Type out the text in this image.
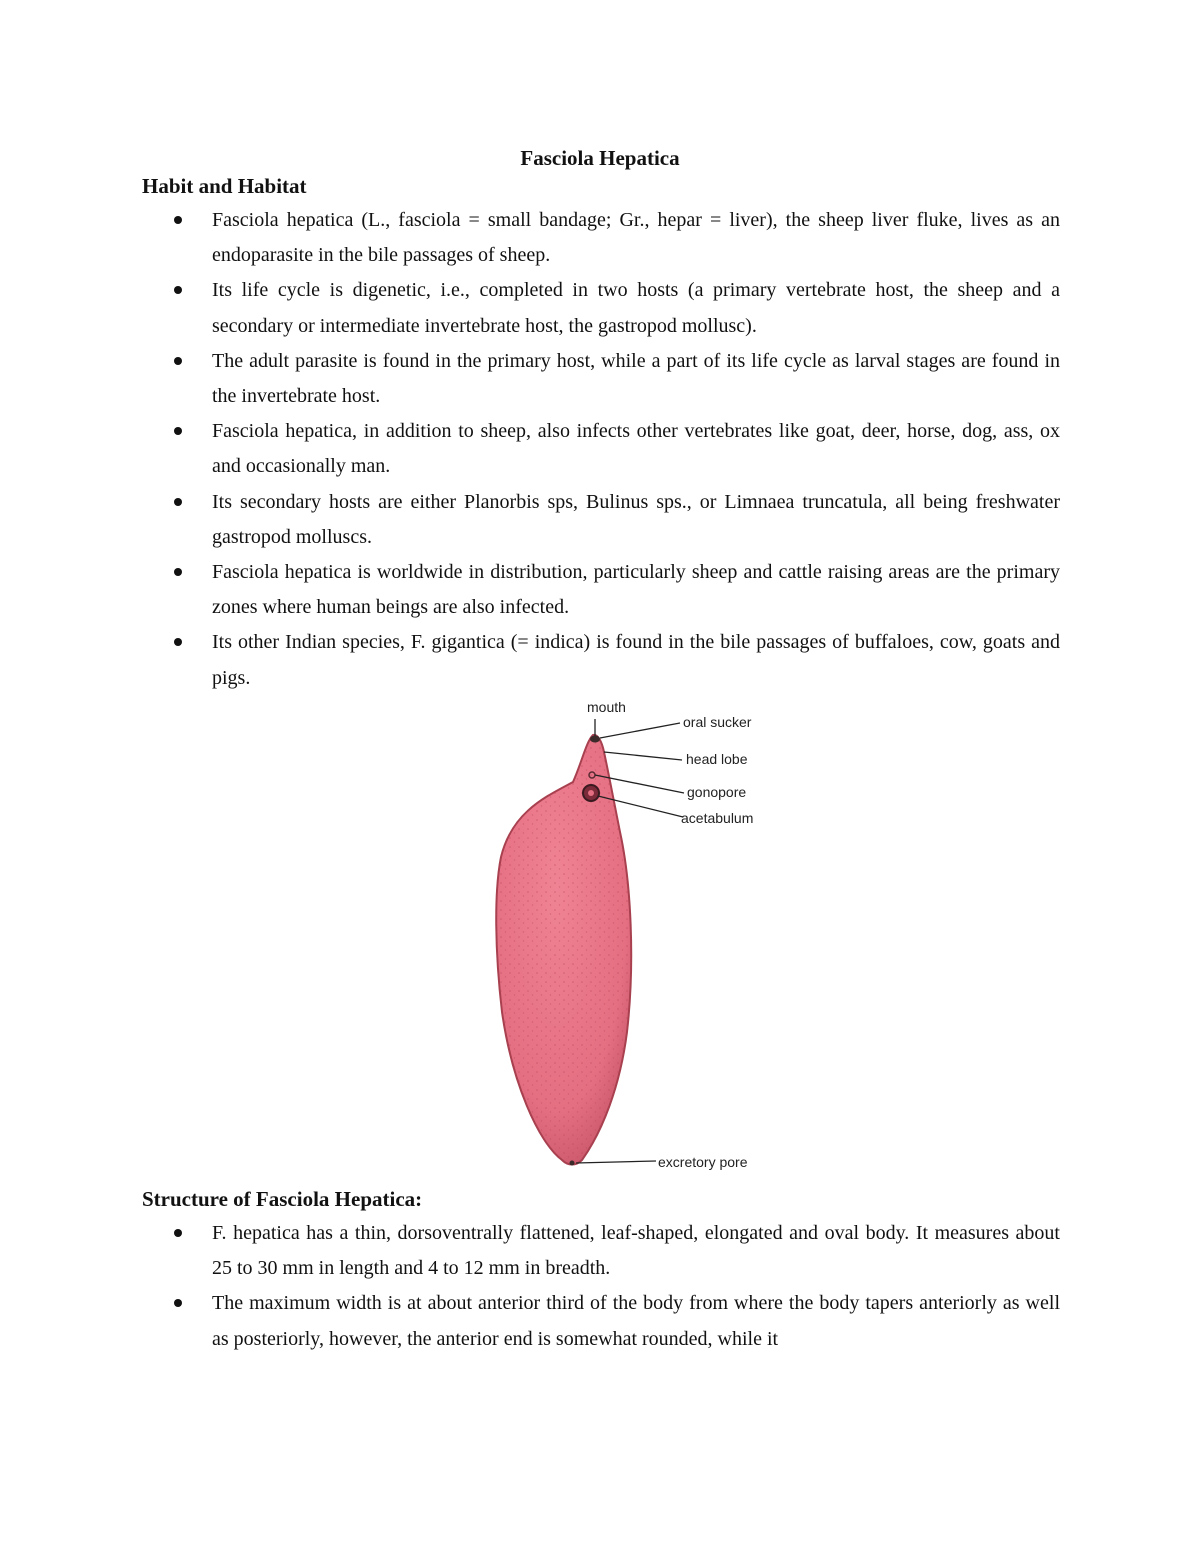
Fasciola Hepatica
Habit and Habitat
Fasciola hepatica (L., fasciola = small bandage; Gr., hepar = liver), the sheep liver fluke, lives as an endoparasite in the bile passages of sheep.
Its life cycle is digenetic, i.e., completed in two hosts (a primary vertebrate host, the sheep and a secondary or intermediate invertebrate host, the gastropod mollusc).
The adult parasite is found in the primary host, while a part of its life cycle as larval stages are found in the invertebrate host.
Fasciola hepatica, in addition to sheep, also infects other vertebrates like goat, deer, horse, dog, ass, ox and occasionally man.
Its secondary hosts are either Planorbis sps, Bulinus sps., or Limnaea truncatula, all being freshwater gastropod molluscs.
Fasciola hepatica is worldwide in distribution, particularly sheep and cattle raising areas are the primary zones where human beings are also infected.
Its other Indian species, F. gigantica (= indica) is found in the bile passages of buffaloes, cow, goats and pigs.
mouth
oral sucker
head lobe
gonopore
acetabulum
excretory pore
Structure of Fasciola Hepatica:
F. hepatica has a thin, dorsoventrally flattened, leaf-shaped, elongated and oval body. It measures about 25 to 30 mm in length and 4 to 12 mm in breadth.
The maximum width is at about anterior third of the body from where the body tapers anteriorly as well as posteriorly, however, the anterior end is somewhat rounded, while it
